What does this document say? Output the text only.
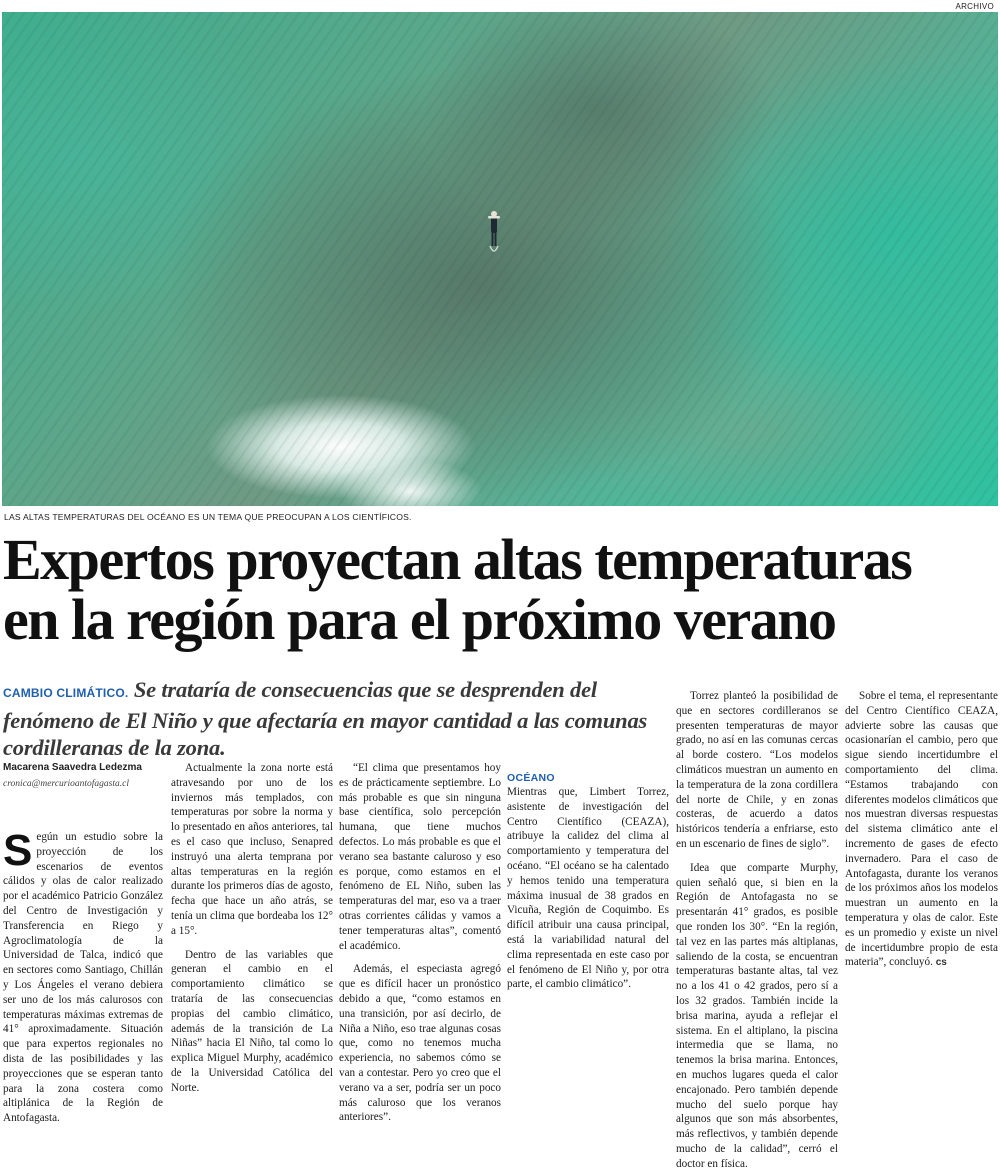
ARCHIVO
LAS ALTAS TEMPERATURAS DEL OCÉANO ES UN TEMA QUE PREOCUPAN A LOS CIENTÍFICOS.
Expertos proyectan altas temperaturas
en la región para el próximo verano
CAMBIO CLIMÁTICO. Se trataría de consecuencias que se desprenden del fenómeno de El Niño y que afectaría en mayor cantidad a las comunas cordilleranas de la zona.
Macarena Saavedra Ledezma
cronica@mercurioantofagasta.cl

Según un estudio sobre la proyección de los escenarios de eventos cálidos y olas de calor realizado por el académico Patricio González del Centro de Investigación y Transferencia en Riego y Agroclimatología de la Universidad de Talca, indicó que en sectores como Santiago, Chillán y Los Ángeles el verano debiera ser uno de los más calurosos con temperaturas máximas extremas de 41° aproximadamente. Situación que para expertos regionales no dista de las posibilidades y las proyecciones que se esperan tanto para la zona costera como altiplánica de la Región de Antofagasta.

Actualmente la zona norte está atravesando por uno de los inviernos más templados, con temperaturas por sobre la norma y lo presentado en años anteriores, tal es el caso que incluso, Senapred instruyó una alerta temprana por altas temperaturas en la región durante los primeros días de agosto, fecha que hace un año atrás, se tenía un clima que bordeaba los 12° a 15°.

Dentro de las variables que generan el cambio en el comportamiento climático se trataría de las consecuencias propias del cambio climático, además de la transición de La Niñas” hacia El Niño, tal como lo explica Miguel Murphy, académico de la Universidad Católica del Norte.

“El clima que presentamos hoy es de prácticamente septiembre. Lo más probable es que sin ninguna base científica, solo percepción humana, que tiene muchos defectos. Lo más probable es que el verano sea bastante caluroso y eso es porque, como estamos en el fenómeno de EL Niño, suben las temperaturas del mar, eso va a traer otras corrientes cálidas y vamos a tener temperaturas altas”, comentó el académico.

Además, el especiasta agregó que es difícil hacer un pronóstico debido a que, “como estamos en una transición, por así decirlo, de Niña a Niño, eso trae algunas cosas que, como no tenemos mucha experiencia, no sabemos cómo se van a contestar. Pero yo creo que el verano va a ser, podría ser un poco más caluroso que los veranos anteriores”.

OCÉANO

Mientras que, Limbert Torrez, asistente de investigación del Centro Científico (CEAZA), atribuye la calidez del clima al comportamiento y temperatura del océano. “El océano se ha calentado y hemos tenido una temperatura máxima inusual de 38 grados en Vicuña, Región de Coquimbo. Es difícil atribuir una causa principal, está la variabilidad natural del clima representada en este caso por el fenómeno de El Niño y, por otra parte, el cambio climático”.

Torrez planteó la posibilidad de que en sectores cordilleranos se presenten temperaturas de mayor grado, no así en las comunas cercas al borde costero. “Los modelos climáticos muestran un aumento en la temperatura de la zona cordillera del norte de Chile, y en zonas costeras, de acuerdo a datos históricos tendería a enfriarse, esto en un escenario de fines de siglo”.

Idea que comparte Murphy, quien señaló que, si bien en la Región de Antofagasta no se presentarán 41° grados, es posible que ronden los 30°. “En la región, tal vez en las partes más altiplanas, saliendo de la costa, se encuentran temperaturas bastante altas, tal vez no a los 41 o 42 grados, pero sí a los 32 grados. También incide la brisa marina, ayuda a reflejar el sistema. En el altiplano, la piscina intermedia que se llama, no tenemos la brisa marina. Entonces, en muchos lugares queda el calor encajonado. Pero también depende mucho del suelo porque hay algunos que son más absorbentes, más reflectivos, y también depende mucho de la calidad”, cerró el doctor en física.

Sobre el tema, el representante del Centro Científico CEAZA, advierte sobre las causas que ocasionarían el cambio, pero que sigue siendo incertidumbre el comportamiento del clima. “Estamos trabajando con diferentes modelos climáticos que nos muestran diversas respuestas del sistema climático ante el incremento de gases de efecto invernadero. Para el caso de Antofagasta, durante los veranos de los próximos años los modelos muestran un aumento en la temperatura y olas de calor. Este es un promedio y existe un nivel de incertidumbre propio de esta materia”, concluyó. cs
